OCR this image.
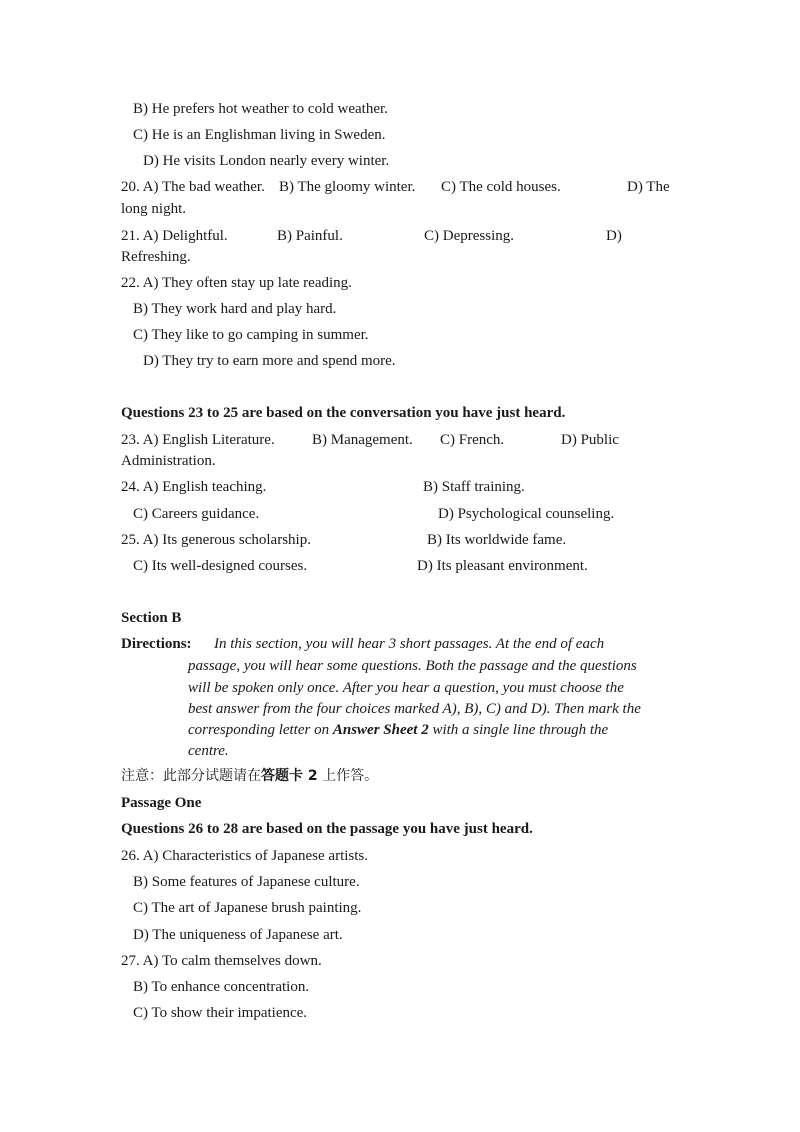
B) He prefers hot weather to cold weather.
C) He is an Englishman living in Sweden.
D) He visits London nearly every winter.
20. A) The bad weather. B) The gloomy winter. C) The cold houses.	D) The
long night.
21. A) Delightful.	B) Painful.	C) Depressing.	D)
Refreshing.
22. A) They often stay up late reading.
B) They work hard and play hard.
C) They like to go camping in summer.
D) They try to earn more and spend more.
Questions 23 to 25 are based on the conversation you have just heard.
23. A) English Literature. B) Management. C) French.	D) Public
Administration.
24. A) English teaching.	B) Staff training.
C) Careers guidance.	D) Psychological counseling.
25. A) Its generous scholarship.	B) Its worldwide fame.
C) Its well-designed courses.	D) Its pleasant environment.
Section B
Directions: In this section, you will hear 3 short passages. At the end of each
passage, you will hear some questions. Both the passage and the questions
will be spoken only once. After you hear a question, you must choose the
best answer from the four choices marked A), B), C) and D). Then mark the
corresponding letter on Answer Sheet 2 with a single line through the
centre.
注意：此部分试题请在答题卡 2 上作答。
Passage One
Questions 26 to 28 are based on the passage you have just heard.
26. A) Characteristics of Japanese artists.
B) Some features of Japanese culture.
C) The art of Japanese brush painting.
D) The uniqueness of Japanese art.
27. A) To calm themselves down.
B) To enhance concentration.
C) To show their impatience.
